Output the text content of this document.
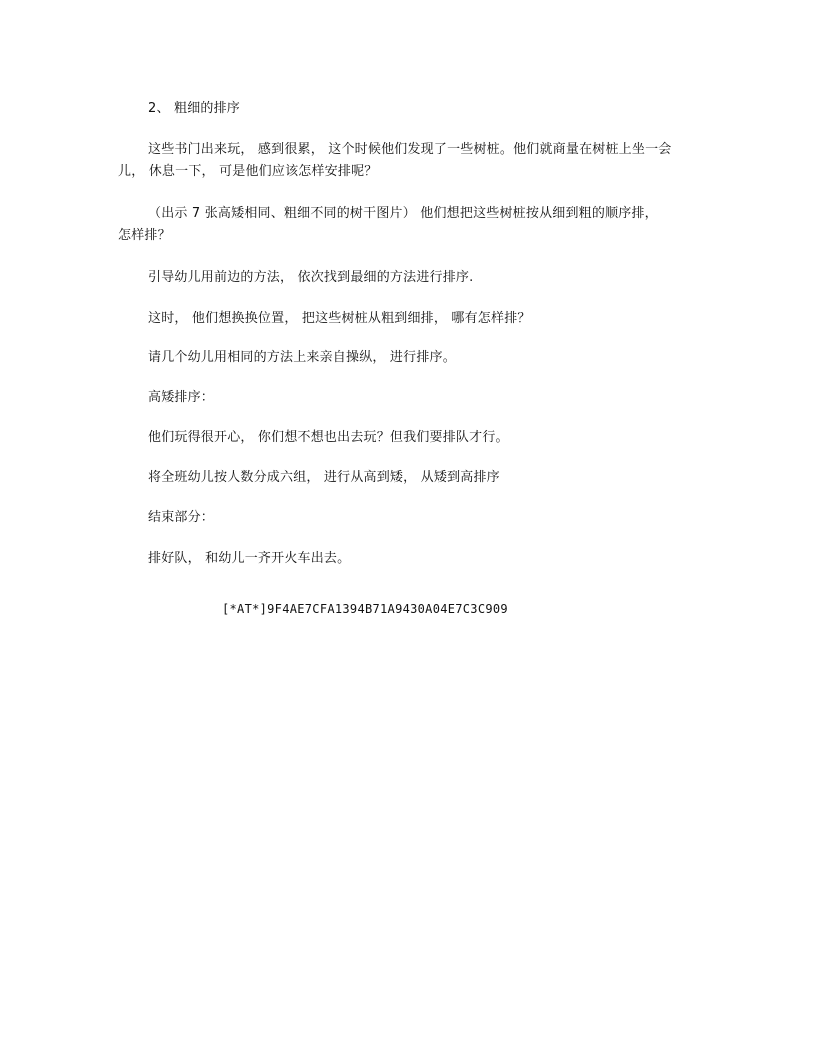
2、 粗细的排序
这些书门出来玩， 感到很累， 这个时候他们发现了一些树桩。他们就商量在树桩上坐一会
儿， 休息一下， 可是他们应该怎样安排呢？
（出示 7 张高矮相同、粗细不同的树干图片） 他们想把这些树桩按从细到粗的顺序排，
怎样排？
引导幼儿用前边的方法， 依次找到最细的方法进行排序.
这时， 他们想换换位置， 把这些树桩从粗到细排， 哪有怎样排？
请几个幼儿用相同的方法上来亲自操纵， 进行排序。
高矮排序：
他们玩得很开心， 你们想不想也出去玩？但我们要排队才行。
将全班幼儿按人数分成六组， 进行从高到矮， 从矮到高排序
结束部分：
排好队， 和幼儿一齐开火车出去。
[*AT*]9F4AE7CFA1394B71A9430A04E7C3C909
